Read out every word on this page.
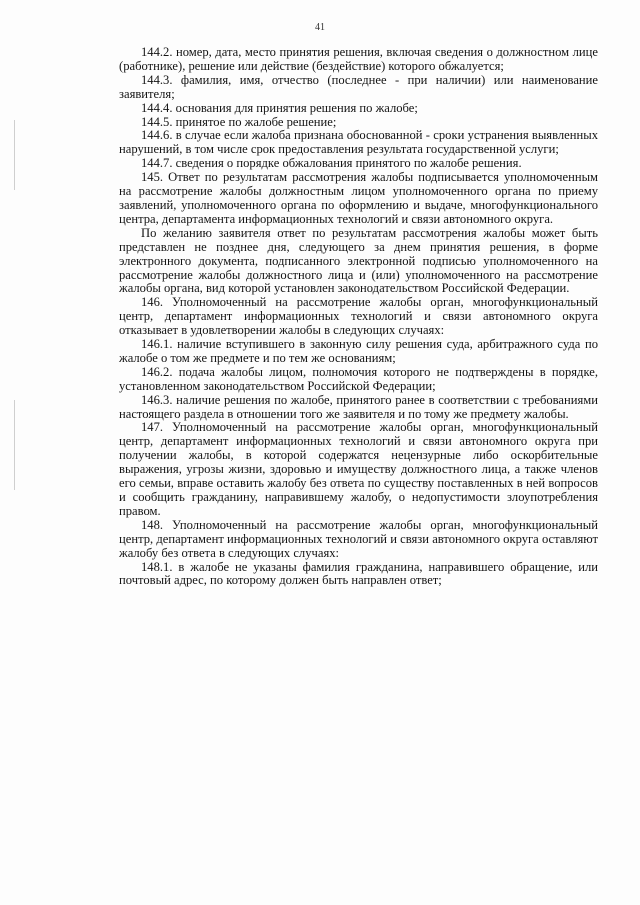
41

144.2. номер, дата, место принятия решения, включая сведения о должностном лице (работнике), решение или действие (бездействие) которого обжалуется;

144.3. фамилия, имя, отчество (последнее - при наличии) или наименование заявителя;

144.4. основания для принятия решения по жалобе;

144.5. принятое по жалобе решение;

144.6. в случае если жалоба признана обоснованной - сроки устранения выявленных нарушений, в том числе срок предоставления результата государственной услуги;

144.7. сведения о порядке обжалования принятого по жалобе решения.

145. Ответ по результатам рассмотрения жалобы подписывается уполномоченным на рассмотрение жалобы должностным лицом уполномоченного органа по приему заявлений, уполномоченного органа по оформлению и выдаче, многофункционального центра, департамента информационных технологий и связи автономного округа.

По желанию заявителя ответ по результатам рассмотрения жалобы может быть представлен не позднее дня, следующего за днем принятия решения, в форме электронного документа, подписанного электронной подписью уполномоченного на рассмотрение жалобы должностного лица и (или) уполномоченного на рассмотрение жалобы органа, вид которой установлен законодательством Российской Федерации.

146. Уполномоченный на рассмотрение жалобы орган, многофункциональный центр, департамент информационных технологий и связи автономного округа отказывает в удовлетворении жалобы в следующих случаях:

146.1. наличие вступившего в законную силу решения суда, арбитражного суда по жалобе о том же предмете и по тем же основаниям;

146.2. подача жалобы лицом, полномочия которого не подтверждены в порядке, установленном законодательством Российской Федерации;

146.3. наличие решения по жалобе, принятого ранее в соответствии с требованиями настоящего раздела в отношении того же заявителя и по тому же предмету жалобы.

147. Уполномоченный на рассмотрение жалобы орган, многофункциональный центр, департамент информационных технологий и связи автономного округа при получении жалобы, в которой содержатся нецензурные либо оскорбительные выражения, угрозы жизни, здоровью и имуществу должностного лица, а также членов его семьи, вправе оставить жалобу без ответа по существу поставленных в ней вопросов и сообщить гражданину, направившему жалобу, о недопустимости злоупотребления правом.

148. Уполномоченный на рассмотрение жалобы орган, многофункциональный центр, департамент информационных технологий и связи автономного округа оставляют жалобу без ответа в следующих случаях:

148.1. в жалобе не указаны фамилия гражданина, направившего обращение, или почтовый адрес, по которому должен быть направлен ответ;
